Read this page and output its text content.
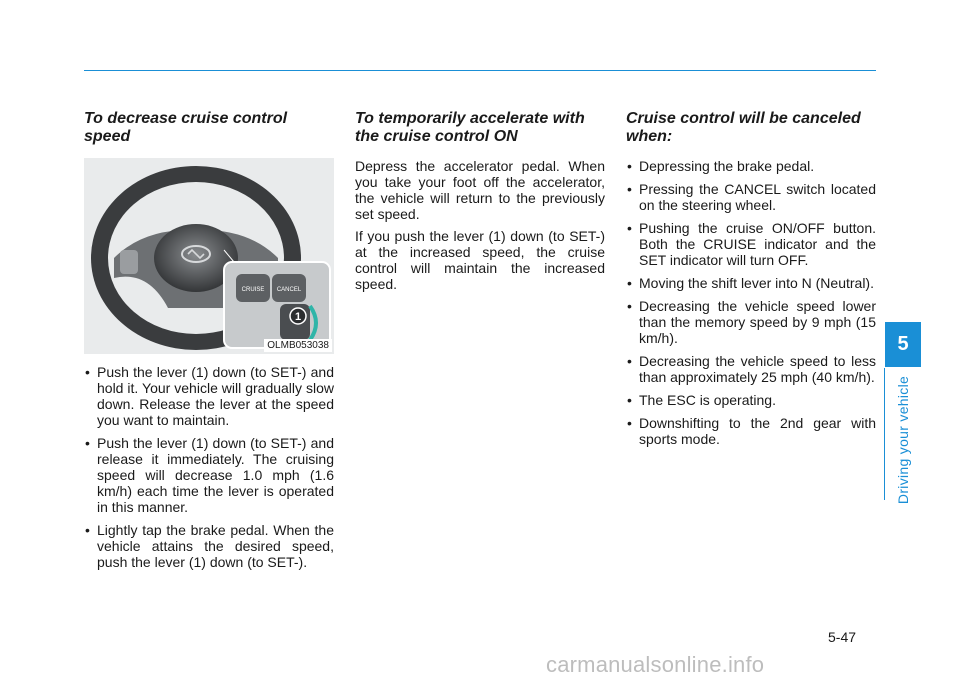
To decrease cruise control speed
1
CRUISE CANCEL
OLMB053038
• Push the lever (1) down (to SET-) and hold it. Your vehicle will gradually slow down. Release the lever at the speed you want to maintain.
• Push the lever (1) down (to SET-) and release it immediately. The cruising speed will decrease 1.0 mph (1.6 km/h) each time the lever is operated in this manner.
• Lightly tap the brake pedal. When the vehicle attains the desired speed, push the lever (1) down (to SET-).
To temporarily accelerate with the cruise control ON

Depress the accelerator pedal. When you take your foot off the accelerator, the vehicle will return to the previously set speed.

If you push the lever (1) down (to SET-) at the increased speed, the cruise control will maintain the increased speed.

Cruise control will be canceled when:
• Depressing the brake pedal.
• Pressing the CANCEL switch located on the steering wheel.
• Pushing the cruise ON/OFF button. Both the CRUISE indicator and the SET indicator will turn OFF.
• Moving the shift lever into N (Neutral).
• Decreasing the vehicle speed lower than the memory speed by 9 mph (15 km/h).
• Decreasing the vehicle speed to less than approximately 25 mph (40 km/h).
• The ESC is operating.
• Downshifting to the 2nd gear with sports mode.
5
Driving your vehicle
5-47
carmanualsonline.info
